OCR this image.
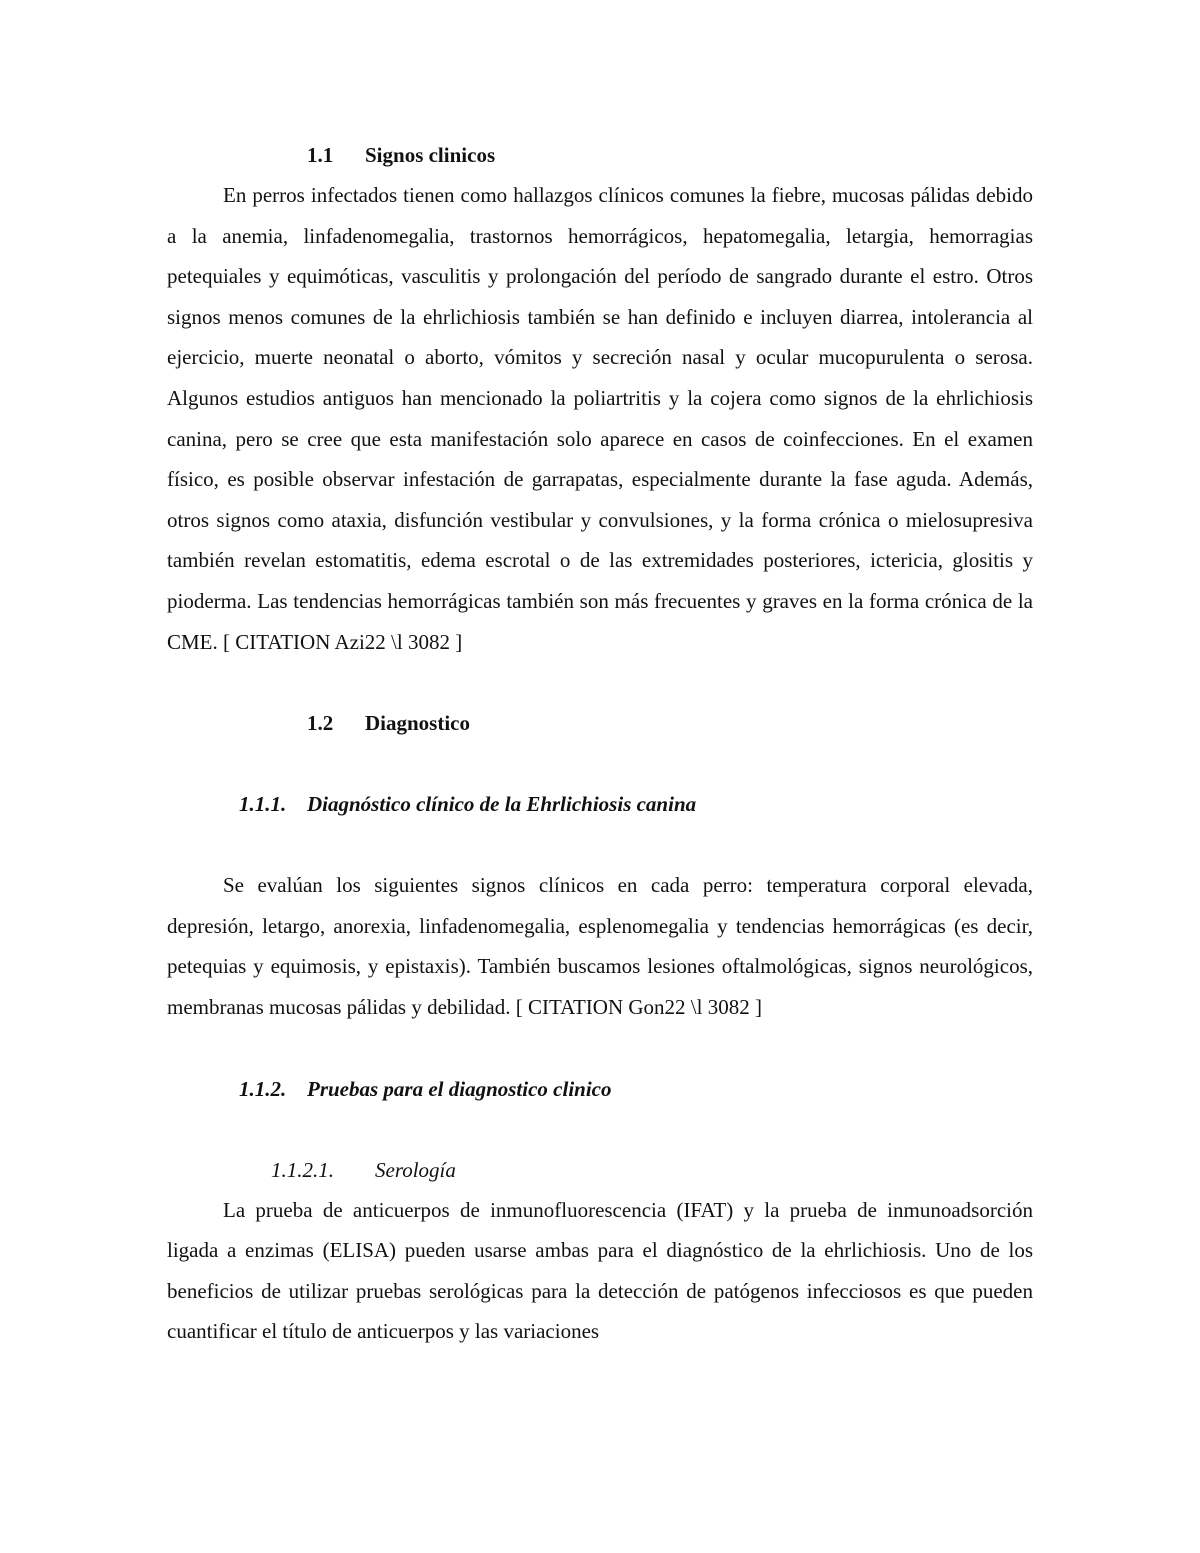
1.1 Signos clinicos

En perros infectados tienen como hallazgos clínicos comunes la fiebre, mucosas pálidas debido a la anemia, linfadenomegalia, trastornos hemorrágicos, hepatomegalia, letargia, hemorragias petequiales y equimóticas, vasculitis y prolongación del período de sangrado durante el estro. Otros signos menos comunes de la ehrlichiosis también se han definido e incluyen diarrea, intolerancia al ejercicio, muerte neonatal o aborto, vómitos y secreción nasal y ocular mucopurulenta o serosa. Algunos estudios antiguos han mencionado la poliartritis y la cojera como signos de la ehrlichiosis canina, pero se cree que esta manifestación solo aparece en casos de coinfecciones. En el examen físico, es posible observar infestación de garrapatas, especialmente durante la fase aguda. Además, otros signos como ataxia, disfunción vestibular y convulsiones, y la forma crónica o mielosupresiva también revelan estomatitis, edema escrotal o de las extremidades posteriores, ictericia, glositis y pioderma. Las tendencias hemorrágicas también son más frecuentes y graves en la forma crónica de la CME. [ CITATION Azi22 \l 3082 ]

1.2 Diagnostico
1.1.1. Diagnóstico clínico de la Ehrlichiosis canina

Se evalúan los siguientes signos clínicos en cada perro: temperatura corporal elevada, depresión, letargo, anorexia, linfadenomegalia, esplenomegalia y tendencias hemorrágicas (es decir, petequias y equimosis, y epistaxis). También buscamos lesiones oftalmológicas, signos neurológicos, membranas mucosas pálidas y debilidad. [ CITATION Gon22 \l 3082 ]

1.1.2. Pruebas para el diagnostico clinico
1.1.2.1. Serología

La prueba de anticuerpos de inmunofluorescencia (IFAT) y la prueba de inmunoadsorción ligada a enzimas (ELISA) pueden usarse ambas para el diagnóstico de la ehrlichiosis. Uno de los beneficios de utilizar pruebas serológicas para la detección de patógenos infecciosos es que pueden cuantificar el título de anticuerpos y las variaciones
